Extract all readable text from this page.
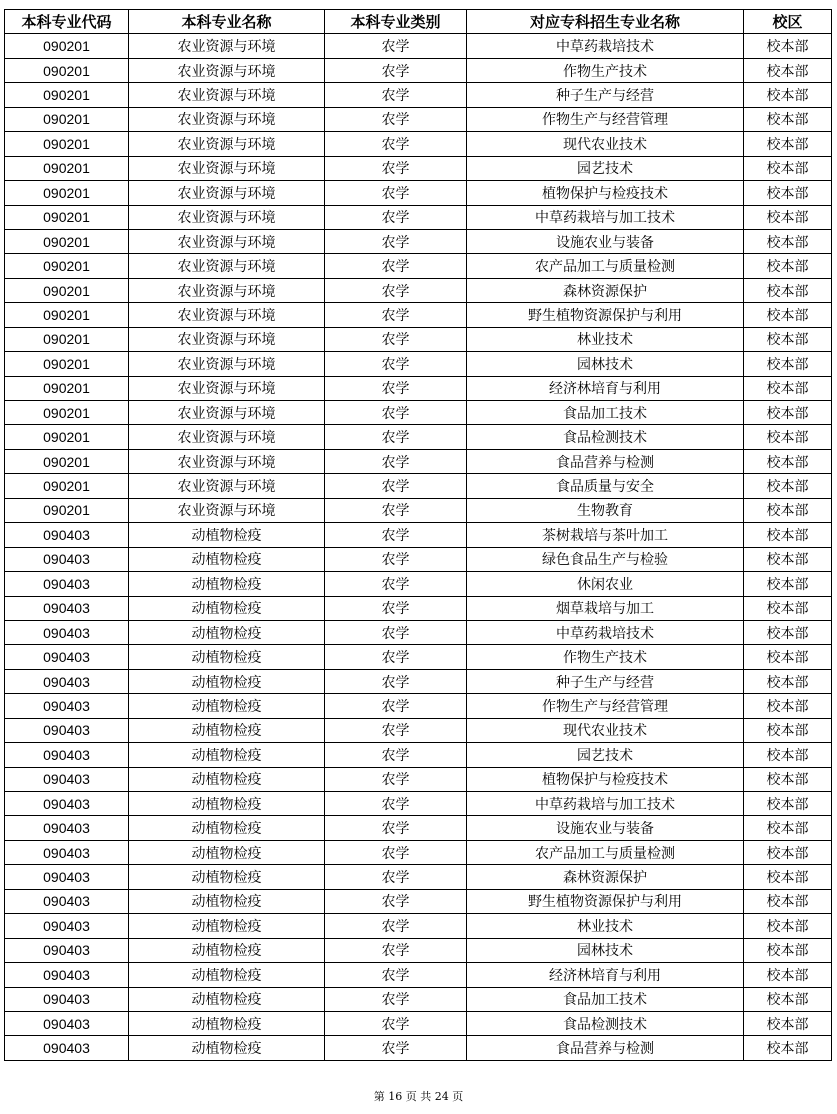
本科专业代码	本科专业名称	本科专业类别	对应专科招生专业名称	校区
090201	农业资源与环境	农学	中草药栽培技术	校本部
090201	农业资源与环境	农学	作物生产技术	校本部
090201	农业资源与环境	农学	种子生产与经营	校本部
090201	农业资源与环境	农学	作物生产与经营管理	校本部
090201	农业资源与环境	农学	现代农业技术	校本部
090201	农业资源与环境	农学	园艺技术	校本部
090201	农业资源与环境	农学	植物保护与检疫技术	校本部
090201	农业资源与环境	农学	中草药栽培与加工技术	校本部
090201	农业资源与环境	农学	设施农业与装备	校本部
090201	农业资源与环境	农学	农产品加工与质量检测	校本部
090201	农业资源与环境	农学	森林资源保护	校本部
090201	农业资源与环境	农学	野生植物资源保护与利用	校本部
090201	农业资源与环境	农学	林业技术	校本部
090201	农业资源与环境	农学	园林技术	校本部
090201	农业资源与环境	农学	经济林培育与利用	校本部
090201	农业资源与环境	农学	食品加工技术	校本部
090201	农业资源与环境	农学	食品检测技术	校本部
090201	农业资源与环境	农学	食品营养与检测	校本部
090201	农业资源与环境	农学	食品质量与安全	校本部
090201	农业资源与环境	农学	生物教育	校本部
090403	动植物检疫	农学	茶树栽培与茶叶加工	校本部
090403	动植物检疫	农学	绿色食品生产与检验	校本部
090403	动植物检疫	农学	休闲农业	校本部
090403	动植物检疫	农学	烟草栽培与加工	校本部
090403	动植物检疫	农学	中草药栽培技术	校本部
090403	动植物检疫	农学	作物生产技术	校本部
090403	动植物检疫	农学	种子生产与经营	校本部
090403	动植物检疫	农学	作物生产与经营管理	校本部
090403	动植物检疫	农学	现代农业技术	校本部
090403	动植物检疫	农学	园艺技术	校本部
090403	动植物检疫	农学	植物保护与检疫技术	校本部
090403	动植物检疫	农学	中草药栽培与加工技术	校本部
090403	动植物检疫	农学	设施农业与装备	校本部
090403	动植物检疫	农学	农产品加工与质量检测	校本部
090403	动植物检疫	农学	森林资源保护	校本部
090403	动植物检疫	农学	野生植物资源保护与利用	校本部
090403	动植物检疫	农学	林业技术	校本部
090403	动植物检疫	农学	园林技术	校本部
090403	动植物检疫	农学	经济林培育与利用	校本部
090403	动植物检疫	农学	食品加工技术	校本部
090403	动植物检疫	农学	食品检测技术	校本部
090403	动植物检疫	农学	食品营养与检测	校本部
第 16 页 共 24 页
